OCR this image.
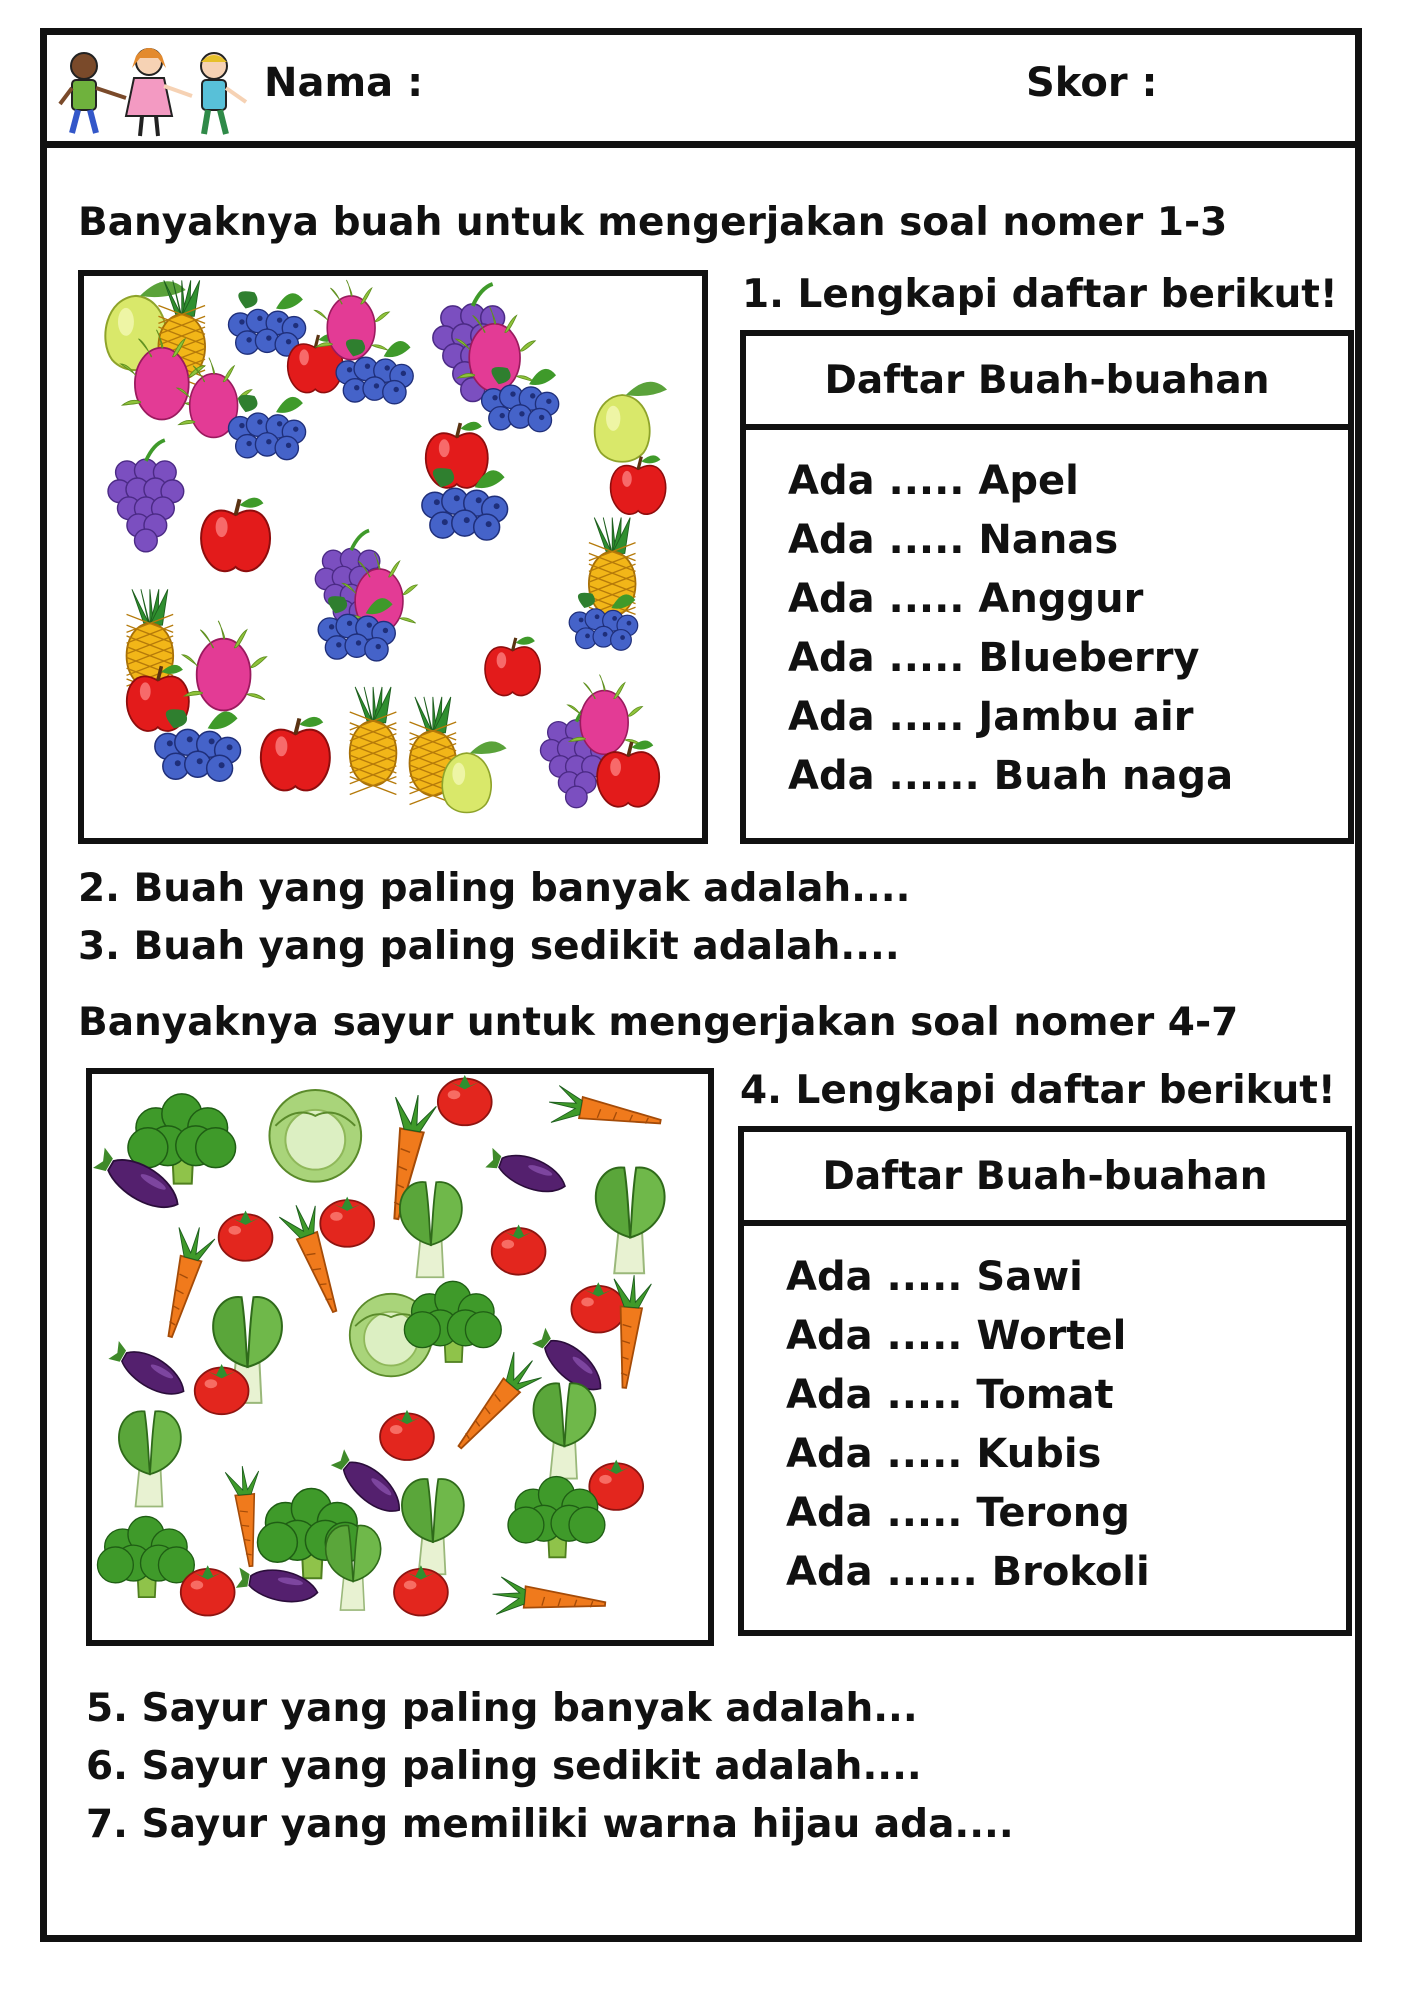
Nama :	Skor :
Banyaknya buah untuk mengerjakan soal nomer 1-3
1. Lengkapi daftar berikut!
Daftar Buah-buahan
Ada ..... Apel
Ada ..... Nanas
Ada ..... Anggur
Ada ..... Blueberry
Ada ..... Jambu air
Ada ...... Buah naga
2. Buah yang paling banyak adalah....
3. Buah yang paling sedikit adalah....
Banyaknya sayur untuk mengerjakan soal nomer 4-7
4. Lengkapi daftar berikut!
Daftar Buah-buahan
Ada ..... Sawi
Ada ..... Wortel
Ada ..... Tomat
Ada ..... Kubis
Ada ..... Terong
Ada ...... Brokoli
5. Sayur yang paling banyak adalah...
6. Sayur yang paling sedikit adalah....
7. Sayur yang memiliki warna hijau ada....
